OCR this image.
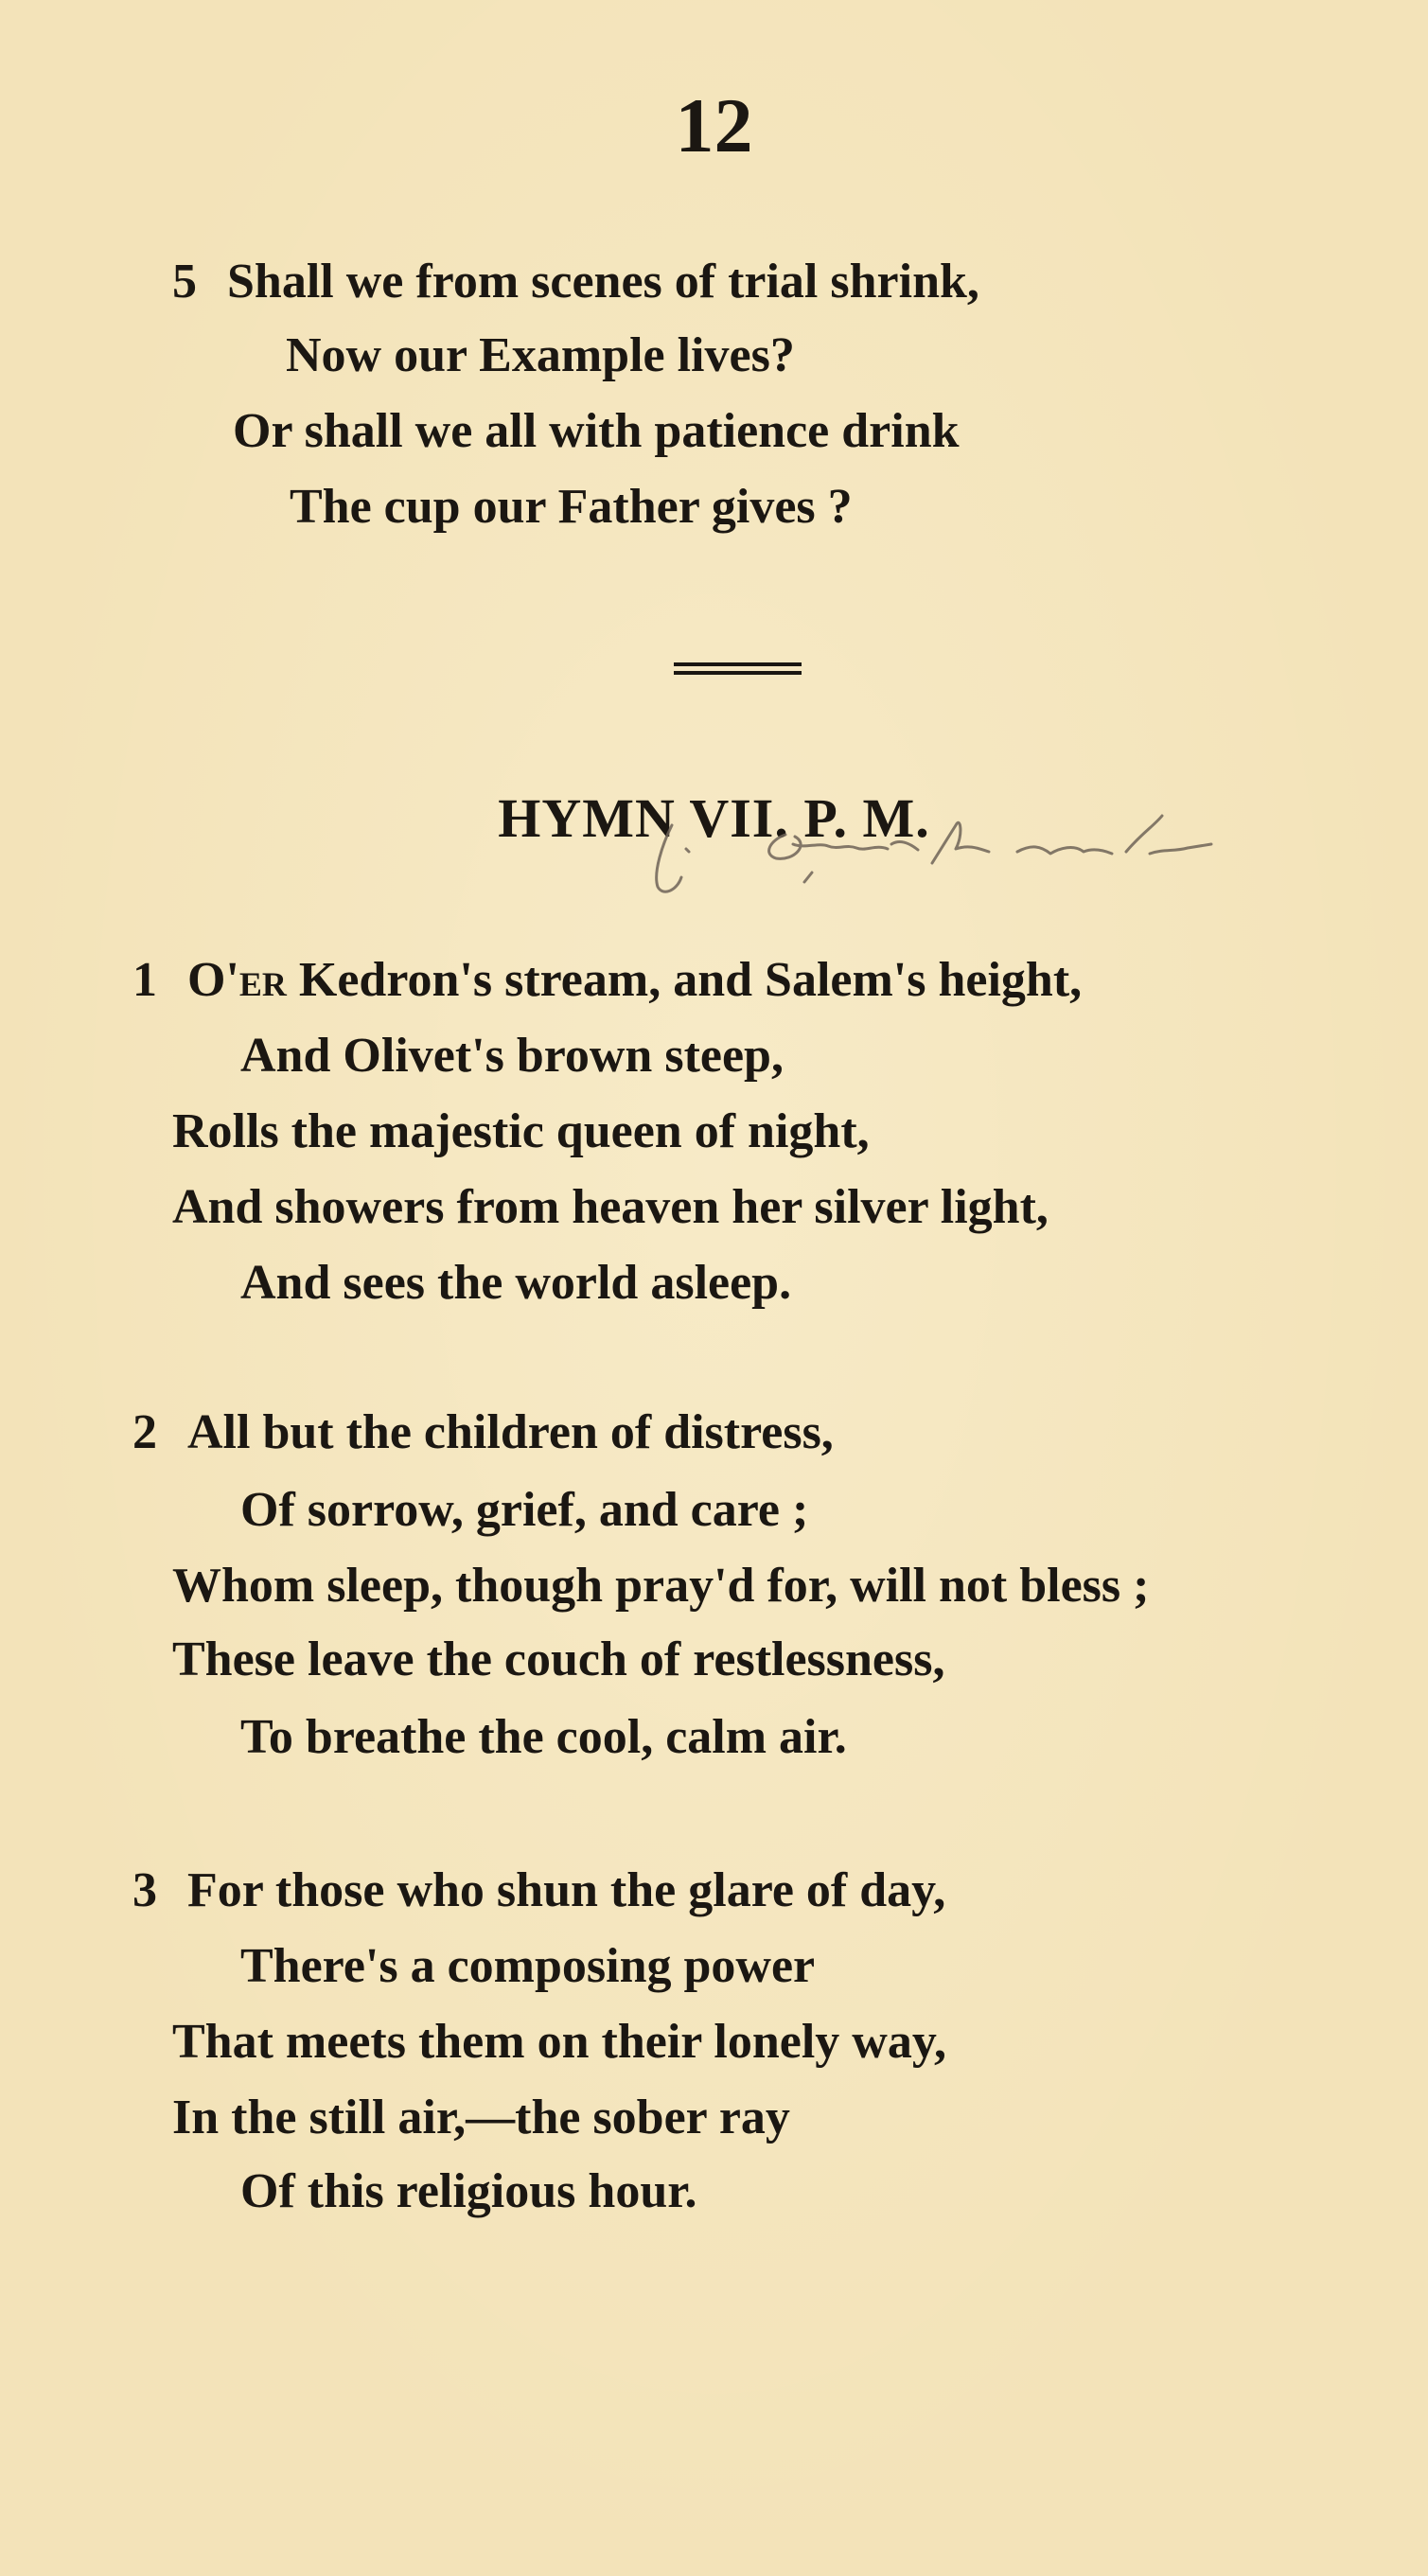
12
5 Shall we from scenes of trial shrink,
Now our Example lives?
Or shall we all with patience drink
The cup our Father gives ?
HYMN VII. P. M.
1 O'er Kedron's stream, and Salem's height,
And Olivet's brown steep,
Rolls the majestic queen of night,
And showers from heaven her silver light,
And sees the world asleep.
2 All but the children of distress,
Of sorrow, grief, and care ;
Whom sleep, though pray'd for, will not bless ;
These leave the couch of restlessness,
To breathe the cool, calm air.
3 For those who shun the glare of day,
There's a composing power
That meets them on their lonely way,
In the still air,—the sober ray
Of this religious hour.
